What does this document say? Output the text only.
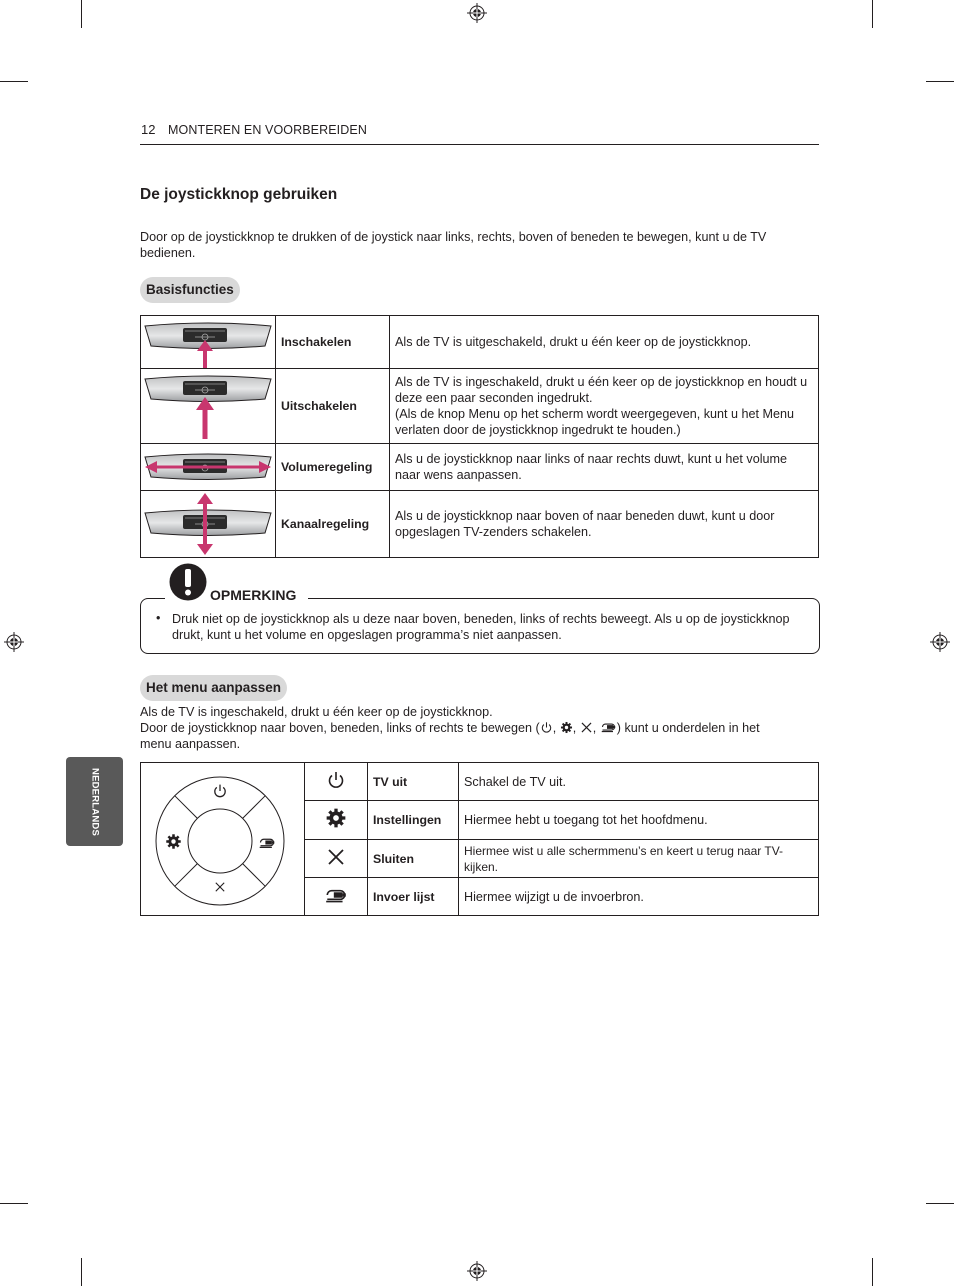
12 MONTEREN EN VOORBEREIDEN
De joystickknop gebruiken
Door op de joystickknop te drukken of de joystick naar links, rechts, boven of beneden te bewegen, kunt u de TV bedienen.
Basisfuncties
	Inschakelen	Als de TV is uitgeschakeld, drukt u één keer op de joystickknop.

	Uitschakelen	Als de TV is ingeschakeld, drukt u één keer op de joystickknop en houdt u deze een paar seconden ingedrukt.
(Als de knop Menu op het scherm wordt weergegeven, kunt u het Menu verlaten door de joystickknop ingedrukt te houden.)

	Volumeregeling	Als u de joystickknop naar links of naar rechts duwt, kunt u het volume naar wens aanpassen.

	Kanaalregeling	Als u de joystickknop naar boven of naar beneden duwt, kunt u door opgeslagen TV-zenders schakelen.
OPMERKING
• Druk niet op de joystickknop als u deze naar boven, beneden, links of rechts beweegt. Als u op de joystickknop drukt, kunt u het volume en opgeslagen programma’s niet aanpassen.
Het menu aanpassen
Als de TV is ingeschakeld, drukt u één keer op de joystickknop.
Door de joystickknop naar boven, beneden, links of rechts te bewegen ( , , , ) kunt u onderdelen in het
menu aanpassen.
		TV uit	Schakel de TV uit.
	Instellingen	Hiermee hebt u toegang tot het hoofdmenu.
	Sluiten	Hiermee wist u alle schermmenu’s en keert u terug naar TV-kijken.
	Invoer lijst	Hiermee wijzigt u de invoerbron.
NEDERLANDS
